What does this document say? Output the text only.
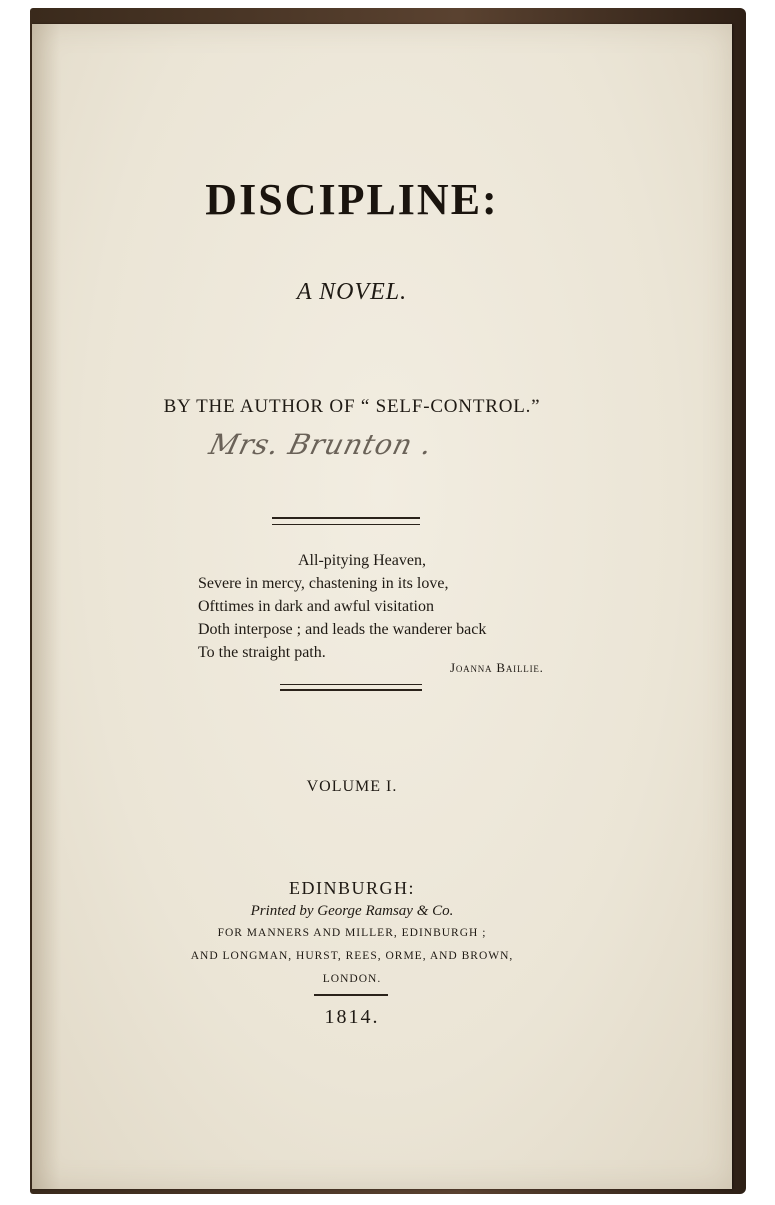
DISCIPLINE:
A NOVEL.
BY THE AUTHOR OF “ SELF-CONTROL.”
Mrs. Brunton .
All-pitying Heaven,
Severe in mercy, chastening in its love,
Ofttimes in dark and awful visitation
Doth interpose ; and leads the wanderer back
To the straight path.
Joanna Baillie.
VOLUME I.
EDINBURGH:
Printed by George Ramsay & Co.
FOR MANNERS AND MILLER, EDINBURGH ;
AND LONGMAN, HURST, REES, ORME, AND BROWN,
LONDON.
1814.
